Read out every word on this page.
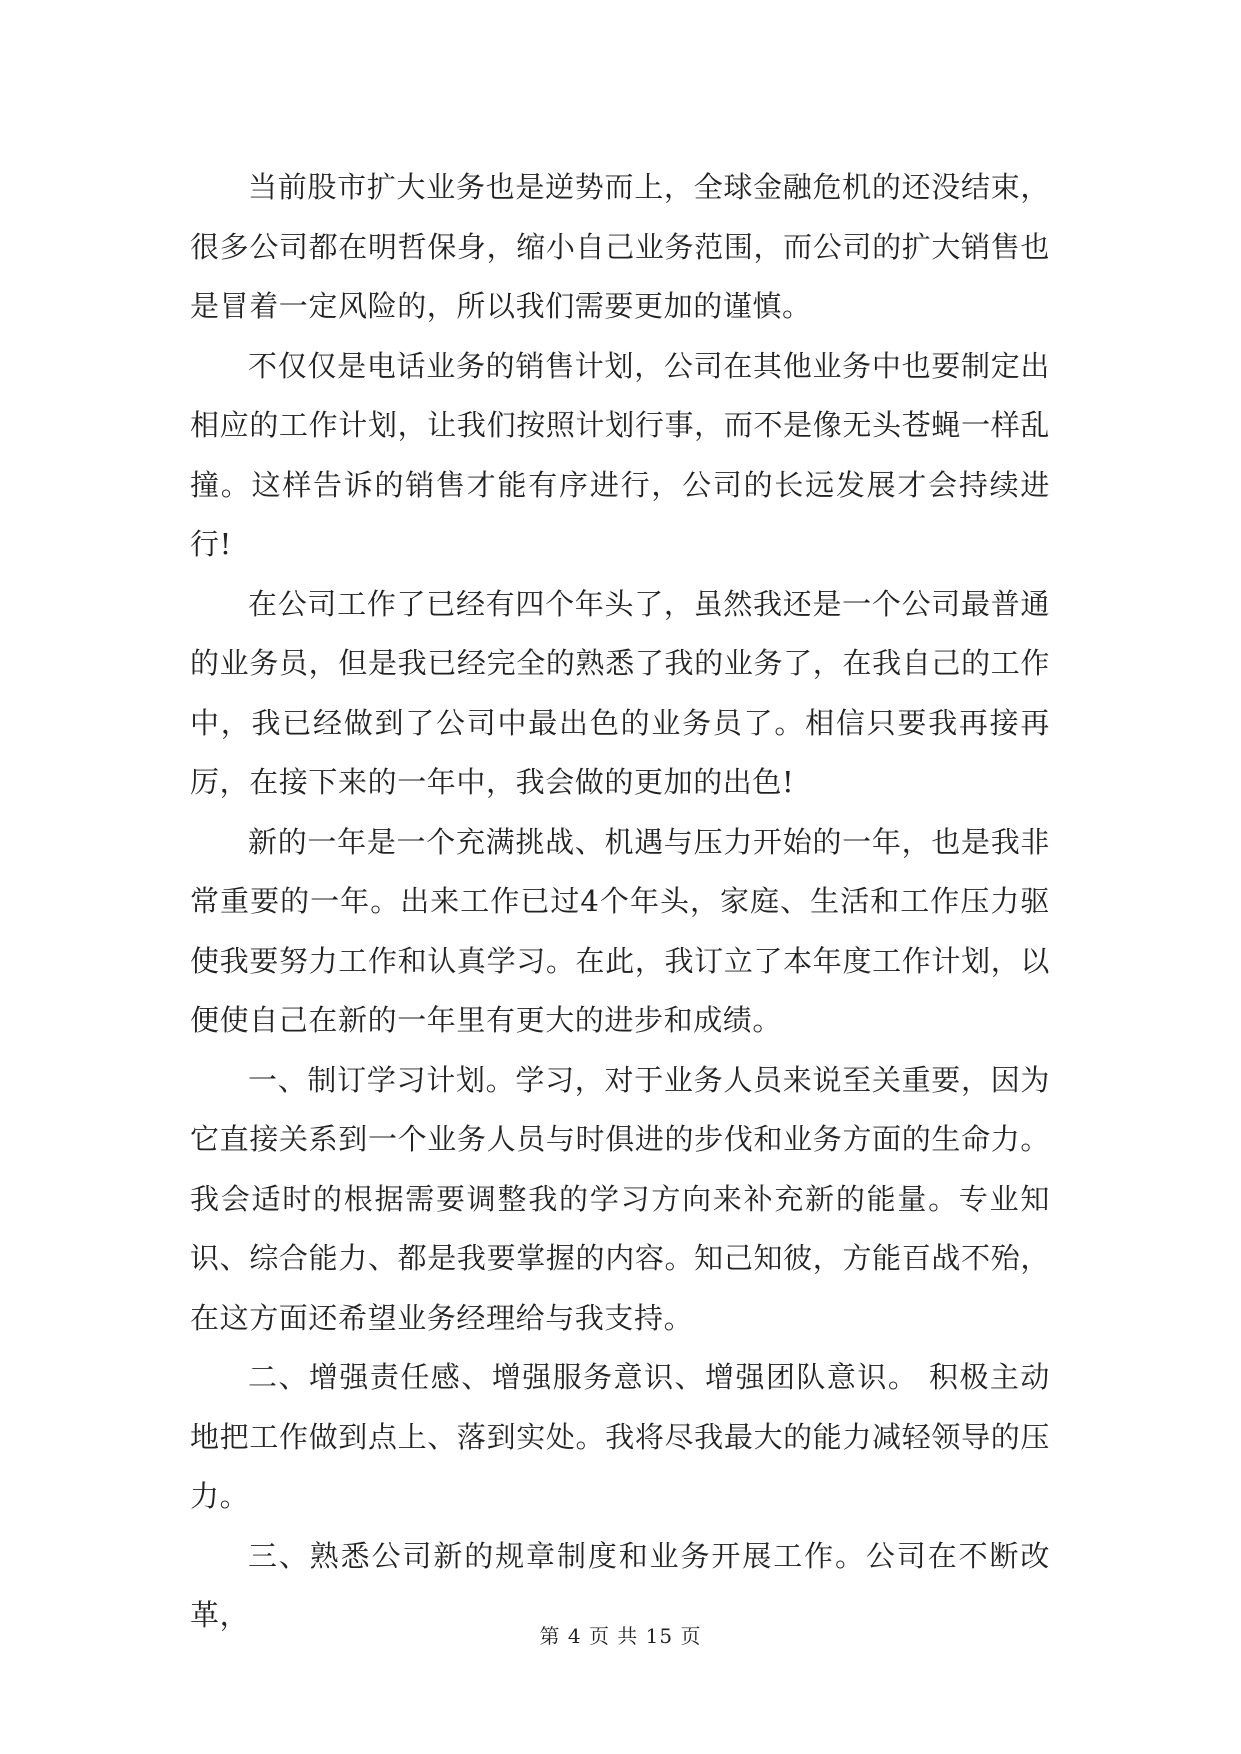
当前股市扩大业务也是逆势而上，全球金融危机的还没结束，很多公司都在明哲保身，缩小自己业务范围，而公司的扩大销售也是冒着一定风险的，所以我们需要更加的谨慎。

不仅仅是电话业务的销售计划，公司在其他业务中也要制定出相应的工作计划，让我们按照计划行事，而不是像无头苍蝇一样乱撞。这样告诉的销售才能有序进行，公司的长远发展才会持续进行!

在公司工作了已经有四个年头了，虽然我还是一个公司最普通的业务员，但是我已经完全的熟悉了我的业务了，在我自己的工作中，我已经做到了公司中最出色的业务员了。相信只要我再接再厉，在接下来的一年中，我会做的更加的出色!

新的一年是一个充满挑战、机遇与压力开始的一年，也是我非常重要的一年。出来工作已过4个年头，家庭、生活和工作压力驱使我要努力工作和认真学习。在此，我订立了本年度工作计划，以便使自己在新的一年里有更大的进步和成绩。

一、制订学习计划。学习，对于业务人员来说至关重要，因为它直接关系到一个业务人员与时俱进的步伐和业务方面的生命力。我会适时的根据需要调整我的学习方向来补充新的能量。专业知识、综合能力、都是我要掌握的内容。知己知彼，方能百战不殆，在这方面还希望业务经理给与我支持。

二、增强责任感、增强服务意识、增强团队意识。 积极主动地把工作做到点上、落到实处。我将尽我最大的能力减轻领导的压力。

三、熟悉公司新的规章制度和业务开展工作。公司在不断改革，

第 4 页 共 15 页
